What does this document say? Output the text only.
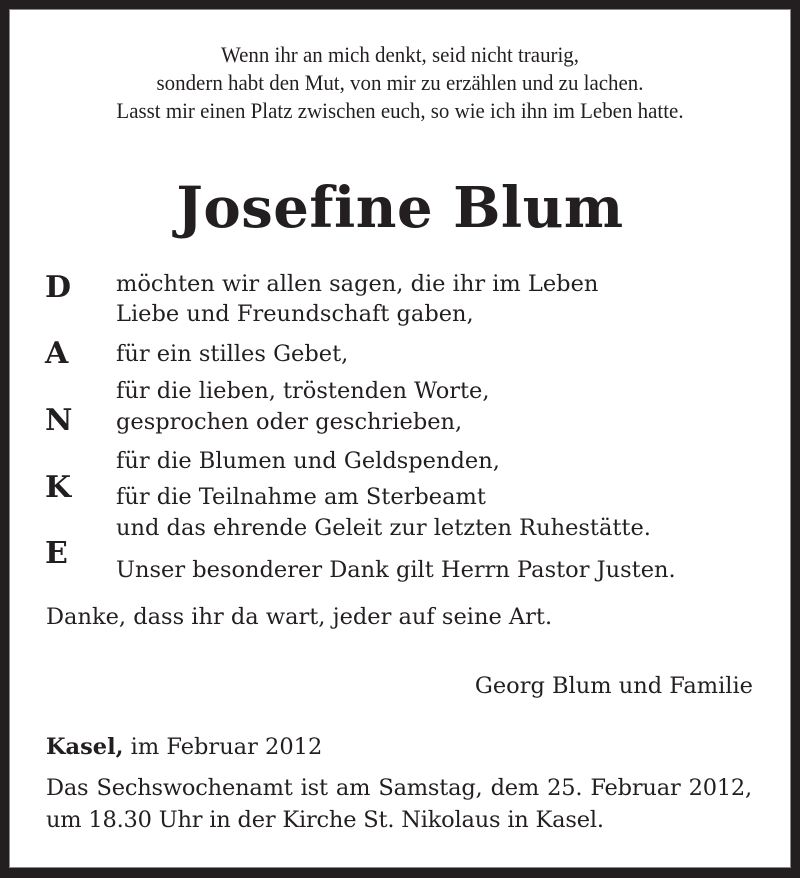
Wenn ihr an mich denkt, seid nicht traurig,
sondern habt den Mut, von mir zu erzählen und zu lachen.
Lasst mir einen Platz zwischen euch, so wie ich ihn im Leben hatte.
Josefine Blum
D
A
N
K
E
möchten wir allen sagen, die ihr im Leben
Liebe und Freundschaft gaben,
für ein stilles Gebet,
für die lieben, tröstenden Worte,
gesprochen oder geschrieben,
für die Blumen und Geldspenden,
für die Teilnahme am Sterbeamt
und das ehrende Geleit zur letzten Ruhestätte.
Unser besonderer Dank gilt Herrn Pastor Justen.
Danke, dass ihr da wart, jeder auf seine Art.
Georg Blum und Familie
Kasel, im Februar 2012
Das Sechswochenamt ist am Samstag, dem 25. Februar 2012, um 18.30 Uhr in der Kirche St. Nikolaus in Kasel.
